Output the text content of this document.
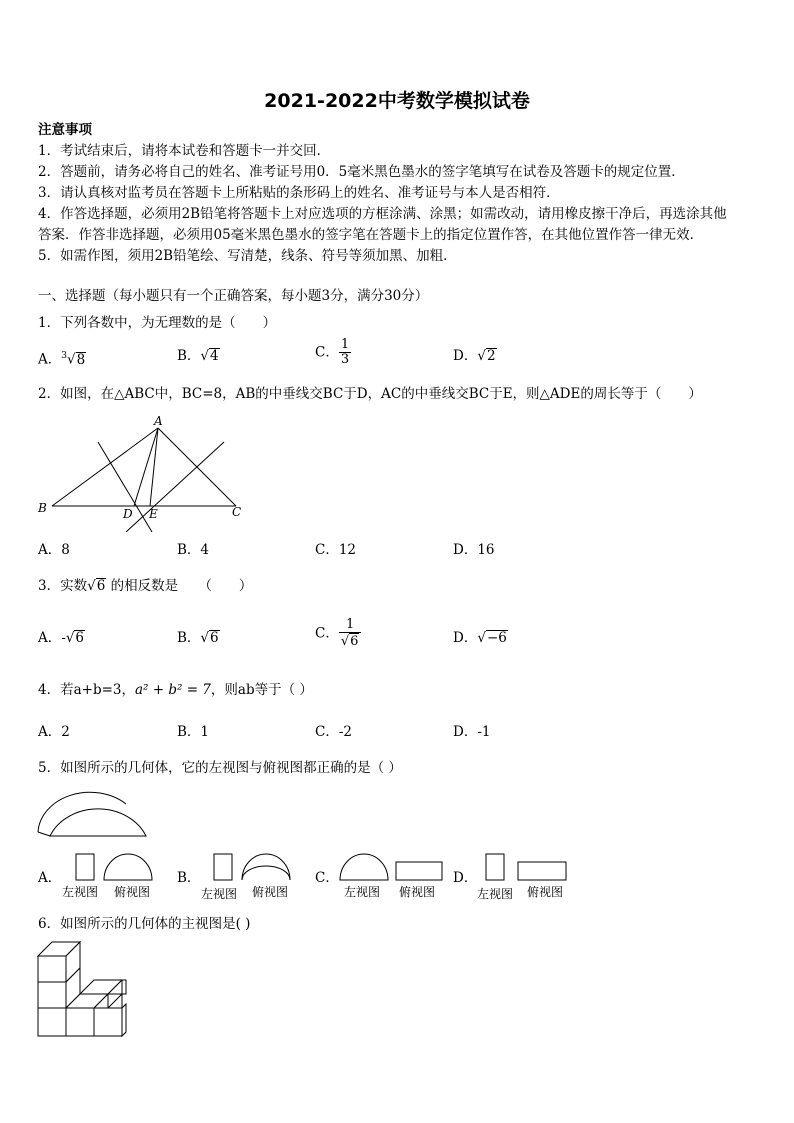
2021-2022中考数学模拟试卷
注意事项
1．考试结束后，请将本试卷和答题卡一并交回．
2．答题前，请务必将自己的姓名、准考证号用0．5毫米黑色墨水的签字笔填写在试卷及答题卡的规定位置．
3．请认真核对监考员在答题卡上所粘贴的条形码上的姓名、准考证号与本人是否相符．
4．作答选择题，必须用2B铅笔将答题卡上对应选项的方框涂满、涂黑；如需改动，请用橡皮擦干净后，再选涂其他
答案．作答非选择题，必须用05毫米黑色墨水的签字笔在答题卡上的指定位置作答，在其他位置作答一律无效．
5．如需作图，须用2B铅笔绘、写清楚，线条、符号等须加黑、加粗．
一、选择题（每小题只有一个正确答案，每小题3分，满分30分）
1．下列各数中，为无理数的是（　　）
A．$^3$√8	B．√4	C． $\frac{1}{3}$	D．√2
2．如图，在△ABC中，BC=8，AB的中垂线交BC于D，AC的中垂线交BC于E，则△ADE的周长等于（　　）
A
B	C
D E
A．8	B．4	C．12	D．16
3．实数√6 的相反数是　　（　　）
A．-√6	B．√6	C． $\frac{1}{√6}$	D．√−6
4．若a+b=3，a² + b² = 7，则ab等于（ ）
A．2	B．1	C．-2	D．-1
5．如图所示的几何体，它的左视图与俯视图都正确的是（ ）
A．
左视图 俯视图
B．
左视图 俯视图
C．
左视图 俯视图
D．
左视图 俯视图
6．如图所示的几何体的主视图是( )
